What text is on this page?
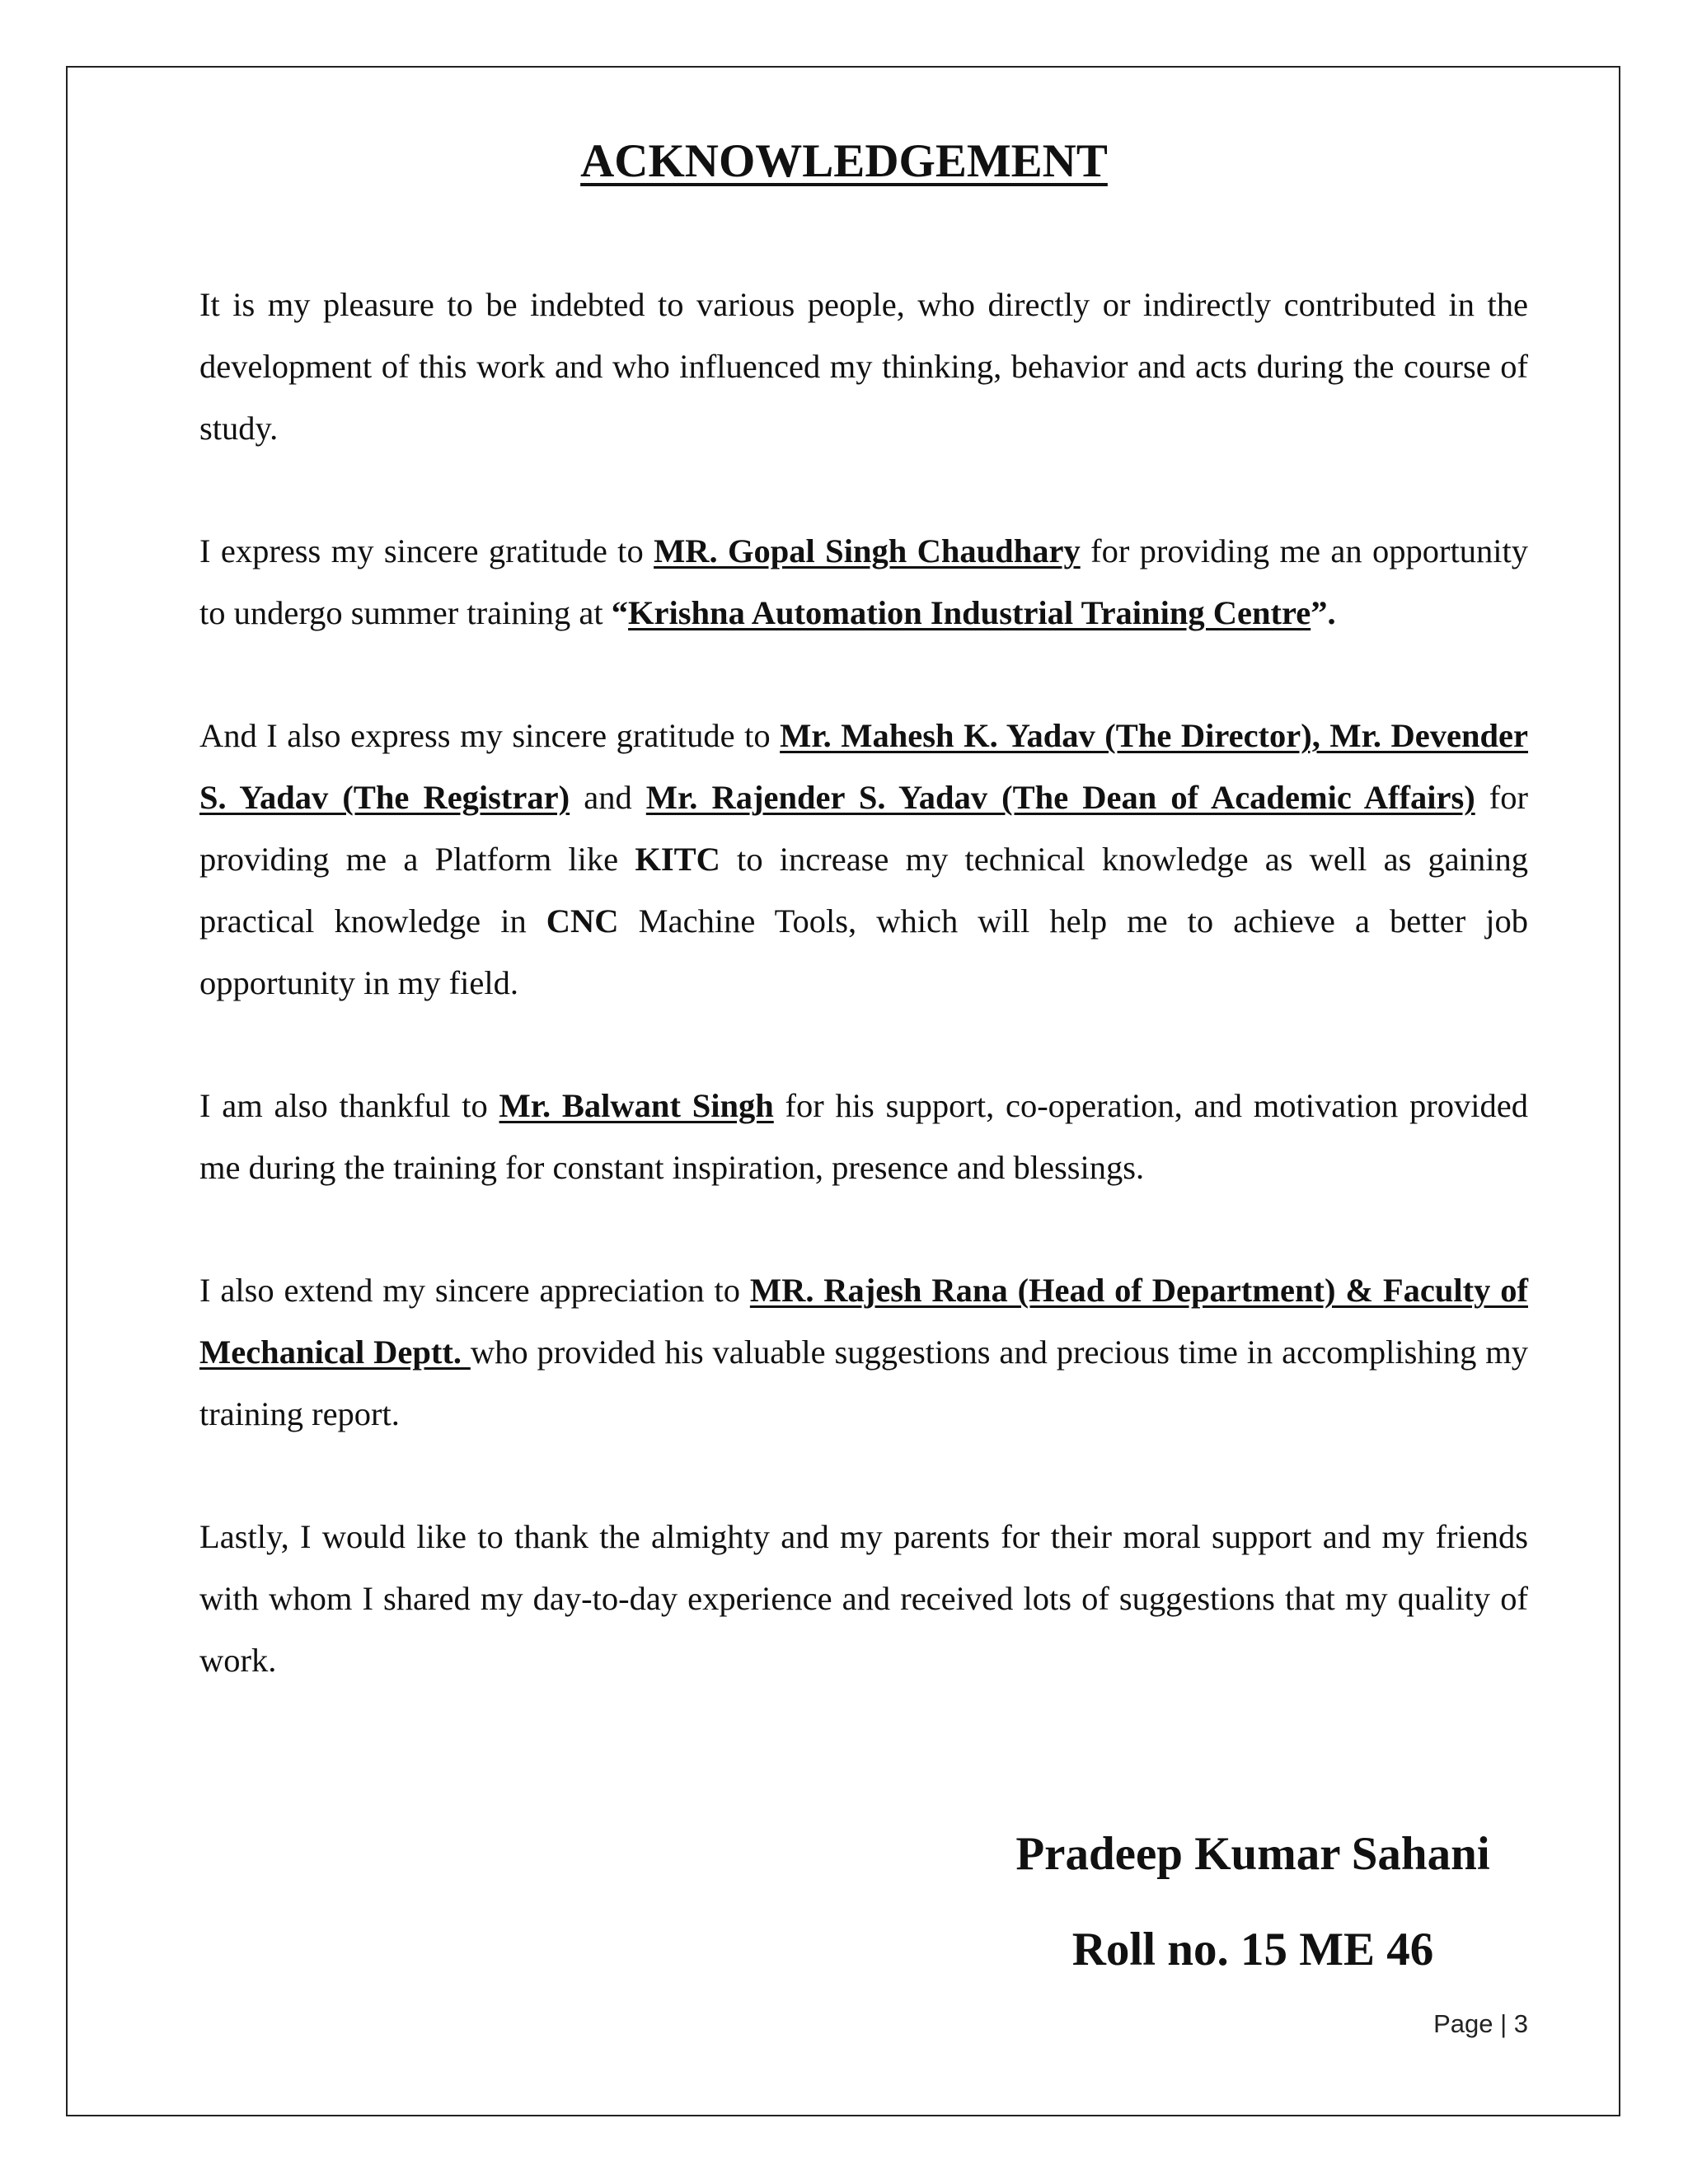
ACKNOWLEDGEMENT

It is my pleasure to be indebted to various people, who directly or indirectly contributed in the development of this work and who influenced my thinking, behavior and acts during the course of study.

I express my sincere gratitude to MR. Gopal Singh Chaudhary for providing me an opportunity to undergo summer training at “Krishna Automation Industrial Training Centre”.

And I also express my sincere gratitude to Mr. Mahesh K. Yadav (The Director), Mr. Devender S. Yadav (The Registrar) and Mr. Rajender S. Yadav (The Dean of Academic Affairs) for providing me a Platform like KITC to increase my technical knowledge as well as gaining practical knowledge in CNC Machine Tools, which will help me to achieve a better job opportunity in my field.

I am also thankful to Mr. Balwant Singh for his support, co-operation, and motivation provided me during the training for constant inspiration, presence and blessings.

I also extend my sincere appreciation to MR. Rajesh Rana (Head of Department) & Faculty of Mechanical Deptt. who provided his valuable suggestions and precious time in accomplishing my training report.

Lastly, I would like to thank the almighty and my parents for their moral support and my friends with whom I shared my day-to-day experience and received lots of suggestions that my quality of work.

Pradeep Kumar Sahani

Roll no. 15 ME 46

Page | 3
